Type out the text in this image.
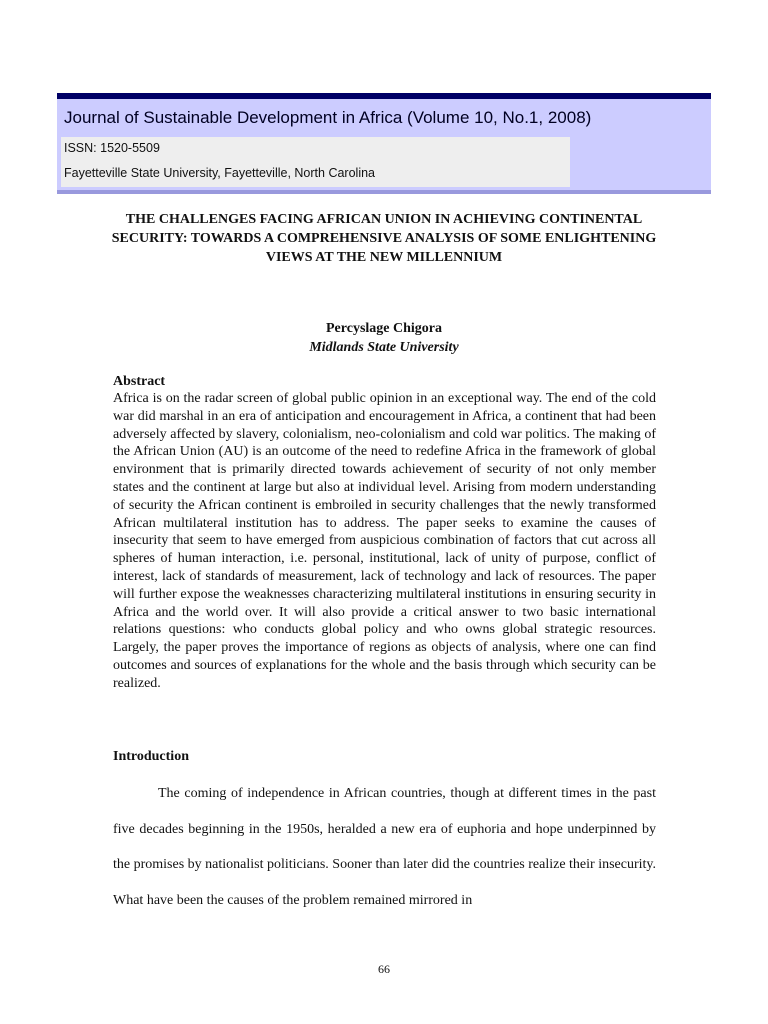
Journal of Sustainable Development in Africa (Volume 10, No.1, 2008)

ISSN: 1520-5509

Fayetteville State University, Fayetteville, North Carolina

THE CHALLENGES FACING AFRICAN UNION IN ACHIEVING CONTINENTAL SECURITY: TOWARDS A COMPREHENSIVE ANALYSIS OF SOME ENLIGHTENING VIEWS AT THE NEW MILLENNIUM

Percyslage Chigora

Midlands State University

Abstract

Africa is on the radar screen of global public opinion in an exceptional way. The end of the cold war did marshal in an era of anticipation and encouragement in Africa, a continent that had been adversely affected by slavery, colonialism, neo-colonialism and cold war politics. The making of the African Union (AU) is an outcome of the need to redefine Africa in the framework of global environment that is primarily directed towards achievement of security of not only member states and the continent at large but also at individual level. Arising from modern understanding of security the African continent is embroiled in security challenges that the newly transformed African multilateral institution has to address. The paper seeks to examine the causes of insecurity that seem to have emerged from auspicious combination of factors that cut across all spheres of human interaction, i.e. personal, institutional, lack of unity of purpose, conflict of interest, lack of standards of measurement, lack of technology and lack of resources. The paper will further expose the weaknesses characterizing multilateral institutions in ensuring security in Africa and the world over. It will also provide a critical answer to two basic international relations questions: who conducts global policy and who owns global strategic resources. Largely, the paper proves the importance of regions as objects of analysis, where one can find outcomes and sources of explanations for the whole and the basis through which security can be realized.

Introduction

The coming of independence in African countries, though at different times in the past five decades beginning in the 1950s, heralded a new era of euphoria and hope underpinned by the promises by nationalist politicians. Sooner than later did the countries realize their insecurity. What have been the causes of the problem remained mirrored in

66
